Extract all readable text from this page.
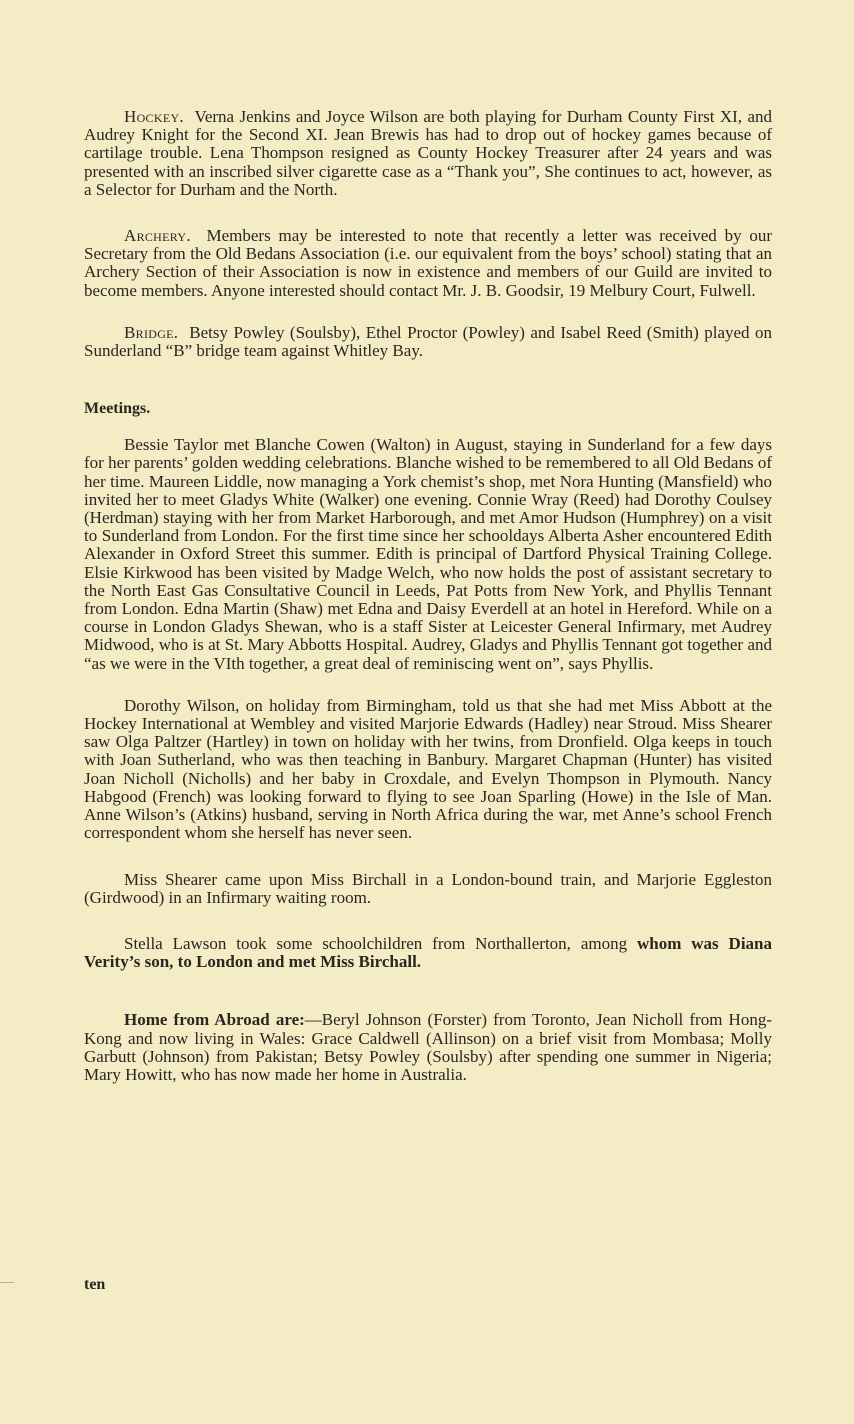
Hockey. Verna Jenkins and Joyce Wilson are both playing for Durham County First XI, and Audrey Knight for the Second XI. Jean Brewis has had to drop out of hockey games because of cartilage trouble. Lena Thompson resigned as County Hockey Treasurer after 24 years and was presented with an inscribed silver cigarette case as a “Thank you”, She continues to act, however, as a Selector for Durham and the North.

Archery. Members may be interested to note that recently a letter was received by our Secretary from the Old Bedans Association (i.e. our equivalent from the boys’ school) stating that an Archery Section of their Association is now in existence and members of our Guild are invited to become members. Anyone interested should contact Mr. J. B. Goodsir, 19 Melbury Court, Fulwell.

Bridge. Betsy Powley (Soulsby), Ethel Proctor (Powley) and Isabel Reed (Smith) played on Sunderland “B” bridge team against Whitley Bay.

Meetings.

Bessie Taylor met Blanche Cowen (Walton) in August, staying in Sunderland for a few days for her parents’ golden wedding celebrations. Blanche wished to be remembered to all Old Bedans of her time. Maureen Liddle, now managing a York chemist’s shop, met Nora Hunting (Mansfield) who invited her to meet Gladys White (Walker) one evening. Connie Wray (Reed) had Dorothy Coulsey (Herdman) staying with her from Market Harborough, and met Amor Hudson (Humphrey) on a visit to Sunderland from London. For the first time since her schooldays Alberta Asher encountered Edith Alexander in Oxford Street this summer. Edith is principal of Dartford Physical Training College. Elsie Kirkwood has been visited by Madge Welch, who now holds the post of assistant secretary to the North East Gas Consultative Council in Leeds, Pat Potts from New York, and Phyllis Tennant from London. Edna Martin (Shaw) met Edna and Daisy Everdell at an hotel in Hereford. While on a course in London Gladys Shewan, who is a staff Sister at Leicester General Infirmary, met Audrey Midwood, who is at St. Mary Abbotts Hospital. Audrey, Gladys and Phyllis Tennant got together and “as we were in the VIth together, a great deal of reminiscing went on”, says Phyllis.

Dorothy Wilson, on holiday from Birmingham, told us that she had met Miss Abbott at the Hockey International at Wembley and visited Marjorie Edwards (Hadley) near Stroud. Miss Shearer saw Olga Paltzer (Hartley) in town on holiday with her twins, from Dronfield. Olga keeps in touch with Joan Sutherland, who was then teaching in Banbury. Margaret Chapman (Hunter) has visited Joan Nicholl (Nicholls) and her baby in Croxdale, and Evelyn Thompson in Plymouth. Nancy Habgood (French) was looking forward to flying to see Joan Sparling (Howe) in the Isle of Man. Anne Wilson’s (Atkins) husband, serving in North Africa during the war, met Anne’s school French correspondent whom she herself has never seen.

Miss Shearer came upon Miss Birchall in a London-bound train, and Marjorie Eggleston (Girdwood) in an Infirmary waiting room.

Stella Lawson took some schoolchildren from Northallerton, among whom was Diana Verity’s son, to London and met Miss Birchall.

Home from Abroad are:—Beryl Johnson (Forster) from Toronto, Jean Nicholl from Hong-Kong and now living in Wales: Grace Caldwell (Allinson) on a brief visit from Mombasa; Molly Garbutt (Johnson) from Pakistan; Betsy Powley (Soulsby) after spending one summer in Nigeria; Mary Howitt, who has now made her home in Australia.

ten
